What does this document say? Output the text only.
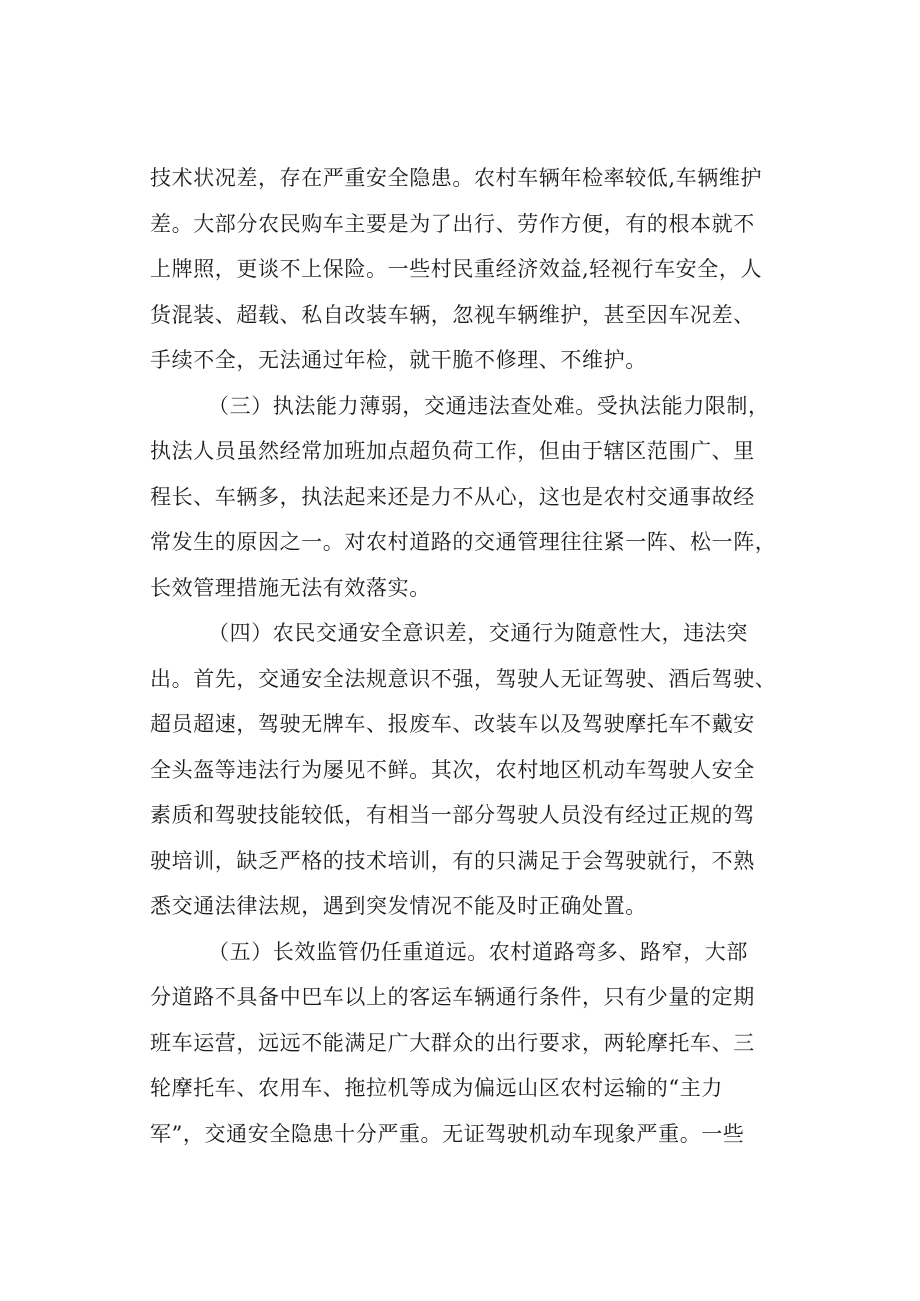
技术状况差，存在严重安全隐患。农村车辆年检率较低,车辆维护
差。大部分农民购车主要是为了出行、劳作方便，有的根本就不
上牌照，更谈不上保险。一些村民重经济效益,轻视行车安全，人
货混装、超载、私自改装车辆，忽视车辆维护，甚至因车况差、
手续不全，无法通过年检，就干脆不修理、不维护。
（三）执法能力薄弱，交通违法查处难。受执法能力限制，
执法人员虽然经常加班加点超负荷工作，但由于辖区范围广、里
程长、车辆多，执法起来还是力不从心，这也是农村交通事故经
常发生的原因之一。对农村道路的交通管理往往紧一阵、松一阵，
长效管理措施无法有效落实。
（四）农民交通安全意识差，交通行为随意性大，违法突
出。首先，交通安全法规意识不强，驾驶人无证驾驶、酒后驾驶、
超员超速，驾驶无牌车、报废车、改装车以及驾驶摩托车不戴安
全头盔等违法行为屡见不鲜。其次，农村地区机动车驾驶人安全
素质和驾驶技能较低，有相当一部分驾驶人员没有经过正规的驾
驶培训，缺乏严格的技术培训，有的只满足于会驾驶就行，不熟
悉交通法律法规，遇到突发情况不能及时正确处置。
（五）长效监管仍任重道远。农村道路弯多、路窄，大部
分道路不具备中巴车以上的客运车辆通行条件，只有少量的定期
班车运营，远远不能满足广大群众的出行要求，两轮摩托车、三
轮摩托车、农用车、拖拉机等成为偏远山区农村运输的“主力
军”，交通安全隐患十分严重。无证驾驶机动车现象严重。一些
